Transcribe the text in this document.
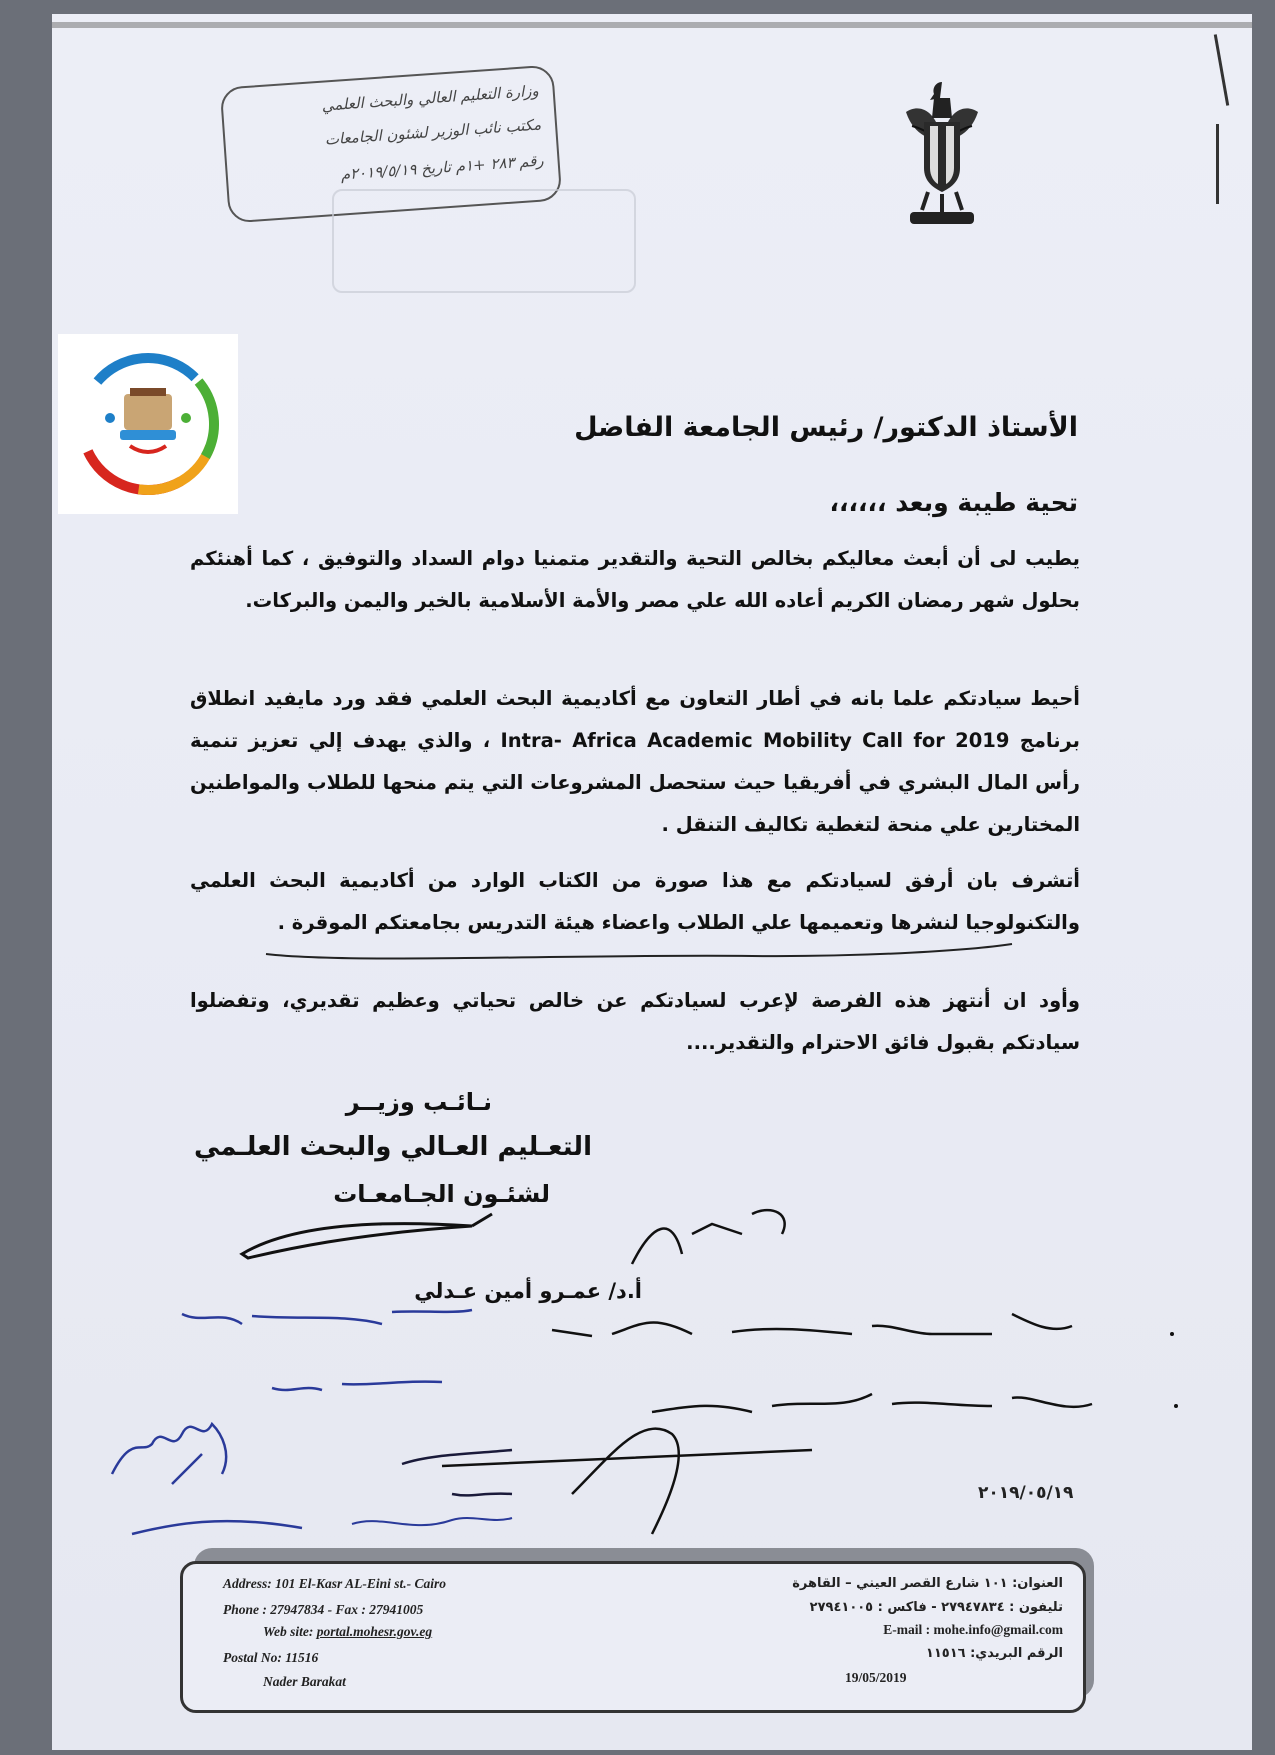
وزارة التعليم العالي والبحث العلمي
مكتب نائب الوزير لشئون الجامعات
رقم ٢٨٣ +١م تاريخ ٢٠١٩/٥/١٩م
الأستاذ الدكتور/ رئيس الجامعة الفاضل
تحية طيبة وبعد ،،،،،،
يطيب لى أن أبعث معاليكم بخالص التحية والتقدير متمنيا دوام السداد والتوفيق ، كما أهنئكم بحلول شهر رمضان الكريم أعاده الله علي مصر والأمة الأسلامية بالخير واليمن والبركات.
أحيط سيادتكم علما بانه في أطار التعاون مع أكاديمية البحث العلمي فقد ورد مايفيد انطلاق برنامج Intra- Africa Academic Mobility Call for 2019 ، والذي يهدف إلي تعزيز تنمية رأس المال البشري في أفريقيا حيث ستحصل المشروعات التي يتم منحها للطلاب والمواطنين المختارين علي منحة لتغطية تكاليف التنقل .
أتشرف بان أرفق لسيادتكم مع هذا صورة من الكتاب الوارد من أكاديمية البحث العلمي والتكنولوجيا لنشرها وتعميمها علي الطلاب واعضاء هيئة التدريس بجامعتكم الموقرة .
وأود ان أنتهز هذه الفرصة لإعرب لسيادتكم عن خالص تحياتي وعظيم تقديري، وتفضلوا سيادتكم بقبول فائق الاحترام والتقدير....
نـائـب وزيــر
التعـليم العـالي والبحث العلـمي
لشئـون الجـامعـات
أ.د/ عمـرو أمين عـدلي
٢٠١٩/٠٥/١٩
Address: 101 El-Kasr AL-Eini st.- Cairo
Phone : 27947834 - Fax : 27941005
Web site: portal.mohesr.gov.eg
Postal No: 11516
Nader Barakat
العنوان: ١٠١ شارع القصر العيني – القاهرة
تليفون : ٢٧٩٤٧٨٣٤ - فاكس : ٢٧٩٤١٠٠٥
E-mail : mohe.info@gmail.com
الرقم البريدي: ١١٥١٦
19/05/2019
